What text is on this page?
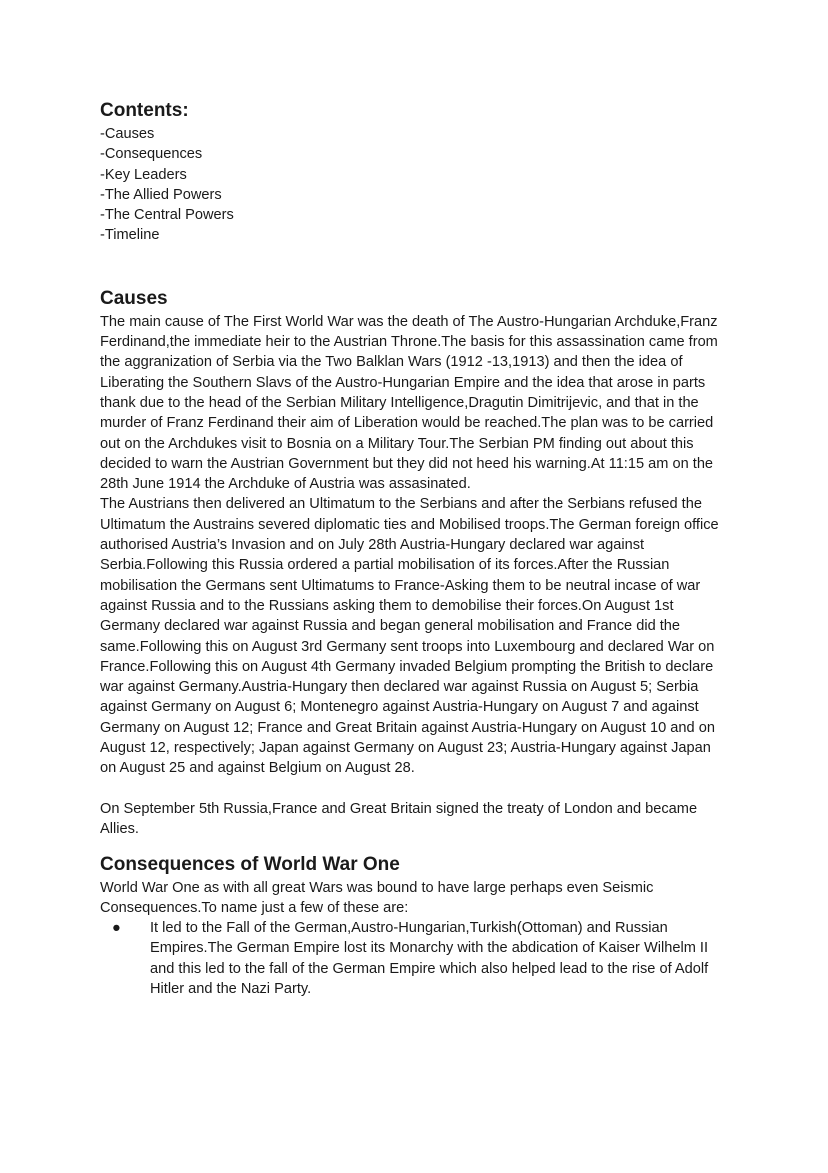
Contents:
-Causes
-Consequences
-Key Leaders
-The Allied Powers
-The Central Powers
-Timeline
Causes

The main cause of The First World War was the death of The Austro-Hungarian Archduke,Franz Ferdinand,the immediate heir to the Austrian Throne.The basis for this assassination came from the aggranization of Serbia via the Two Balklan Wars (1912 -13,1913) and then the idea of Liberating the Southern Slavs of the Austro-Hungarian Empire and the idea that arose in parts thank due to the head of the Serbian Military Intelligence,Dragutin Dimitrijevic, and that in the murder of Franz Ferdinand their aim of Liberation would be reached.The plan was to be carried out on the Archdukes visit to Bosnia on a Military Tour.The Serbian PM finding out about this decided to warn the Austrian Government but they did not heed his warning.At 11:15 am on the 28th June 1914 the Archduke of Austria was assasinated.

The Austrians then delivered an Ultimatum to the Serbians and after the Serbians refused the Ultimatum the Austrains severed diplomatic ties and Mobilised troops.The German foreign office authorised Austria’s Invasion and on July 28th Austria-Hungary declared war against Serbia.Following this Russia ordered a partial mobilisation of its forces.After the Russian mobilisation the Germans sent Ultimatums to France-Asking them to be neutral incase of war against Russia and to the Russians asking them to demobilise their forces.On August 1st Germany declared war against Russia and began general mobilisation and France did the same.Following this on August 3rd Germany sent troops into Luxembourg and declared War on France.Following this on August 4th Germany invaded Belgium prompting the British to declare war against Germany.Austria-Hungary then declared war against Russia on August 5; Serbia against Germany on August 6; Montenegro against Austria-Hungary on August 7 and against Germany on August 12; France and Great Britain against Austria-Hungary on August 10 and on August 12, respectively; Japan against Germany on August 23; Austria-Hungary against Japan on August 25 and against Belgium on August 28.

On September 5th Russia,France and Great Britain signed the treaty of London and became Allies.

Consequences of World War One

World War One as with all great Wars was bound to have large perhaps even Seismic Consequences.To name just a few of these are:

● It led to the Fall of the German,Austro-Hungarian,Turkish(Ottoman) and Russian Empires.The German Empire lost its Monarchy with the abdication of Kaiser Wilhelm II and this led to the fall of the German Empire which also helped lead to the rise of Adolf Hitler and the Nazi Party.
